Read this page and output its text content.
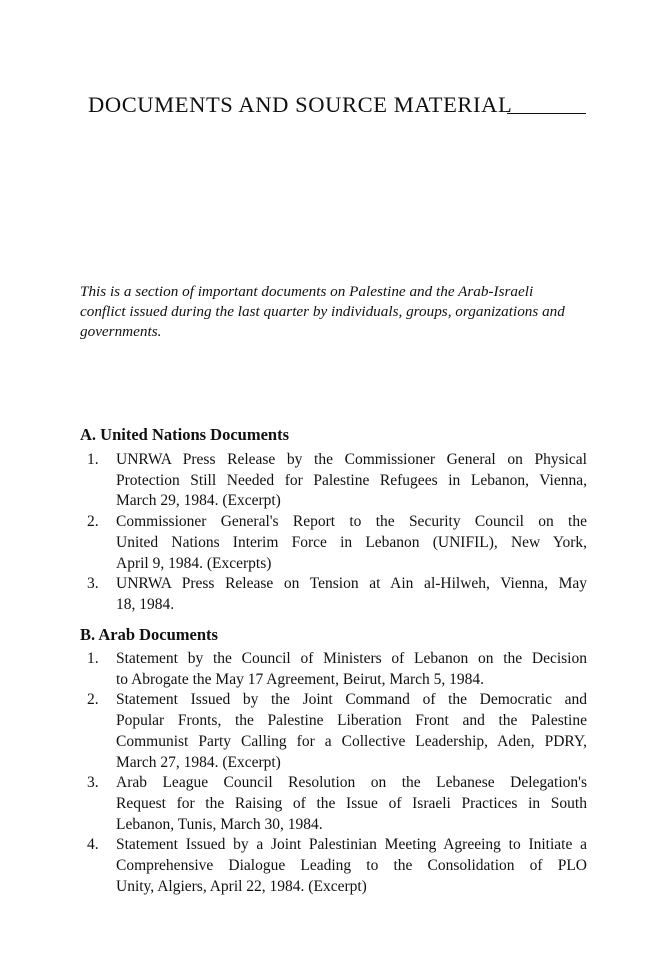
DOCUMENTS AND SOURCE MATERIAL
This is a section of important documents on Palestine and the Arab-Israeli
conflict issued during the last quarter by individuals, groups, organizations and
governments.
A. United Nations Documents
1.	UNRWA Press Release by the Commissioner General on Physical
Protection Still Needed for Palestine Refugees in Lebanon, Vienna,
March 29, 1984. (Excerpt)
2.	Commissioner General's Report to the Security Council on the
United Nations Interim Force in Lebanon (UNIFIL), New York,
April 9, 1984. (Excerpts)
3.	UNRWA Press Release on Tension at Ain al-Hilweh, Vienna, May
18, 1984.
B. Arab Documents
1.	Statement by the Council of Ministers of Lebanon on the Decision
to Abrogate the May 17 Agreement, Beirut, March 5, 1984.
2.	Statement Issued by the Joint Command of the Democratic and
Popular Fronts, the Palestine Liberation Front and the Palestine
Communist Party Calling for a Collective Leadership, Aden, PDRY,
March 27, 1984. (Excerpt)
3.	Arab League Council Resolution on the Lebanese Delegation's
Request for the Raising of the Issue of Israeli Practices in South
Lebanon, Tunis, March 30, 1984.
4.	Statement Issued by a Joint Palestinian Meeting Agreeing to Initiate a
Comprehensive Dialogue Leading to the Consolidation of PLO
Unity, Algiers, April 22, 1984. (Excerpt)
